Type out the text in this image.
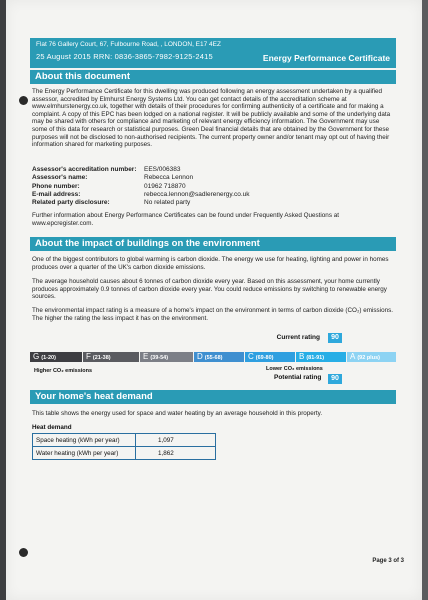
Flat 76 Gallery Court, 67, Fulbourne Road, , LONDON, E17 4EZ
25 August 2015 RRN: 0836-3865-7982-9125-2415	Energy Performance Certificate
About this document
The Energy Performance Certificate for this dwelling was produced following an energy assessment undertaken by a qualified assessor, accredited by Elmhurst Energy Systems Ltd. You can get contact details of the accreditation scheme at www.elmhurstenergy.co.uk, together with details of their procedures for confirming authenticity of a certificate and for making a complaint. A copy of this EPC has been lodged on a national register. It will be publicly available and some of the underlying data may be shared with others for compliance and marketing of relevant energy efficiency information. The Government may use some of this data for research or statistical purposes. Green Deal financial details that are obtained by the Government for these purposes will not be disclosed to non-authorised recipients. The current property owner and/or tenant may opt out of having their information shared for marketing purposes.
Assessor's accreditation number: EES/006383
Assessor's name:	Rebecca Lennon
Phone number:	01962 718870
E-mail address:	rebecca.lennon@sadlerenergy.co.uk
Related party disclosure:	No related party
Further information about Energy Performance Certificates can be found under Frequently Asked Questions at www.epcregister.com.
About the impact of buildings on the environment
One of the biggest contributors to global warming is carbon dioxide. The energy we use for heating, lighting and power in homes produces over a quarter of the UK's carbon dioxide emissions.
The average household causes about 6 tonnes of carbon dioxide every year. Based on this assessment, your home currently produces approximately 0.9 tonnes of carbon dioxide every year. You could reduce emissions by switching to renewable energy sources.
The environmental impact rating is a measure of a home's impact on the environment in terms of carbon dioxide (CO₂) emissions. The higher the rating the less impact it has on the environment.
Current rating	90
G (1-20)	F (21-38)	E (39-54)	D (55-68)	C (69-80)	B (81-91)	A (92 plus)
Higher CO₂ emissions	Lower CO₂ emissions
Potential rating	90
Your home's heat demand
This table shows the energy used for space and water heating by an average household in this property.
Heat demand
Space heating (kWh per year)	1,097
Water heating (kWh per year)	1,862
Page 3 of 3
